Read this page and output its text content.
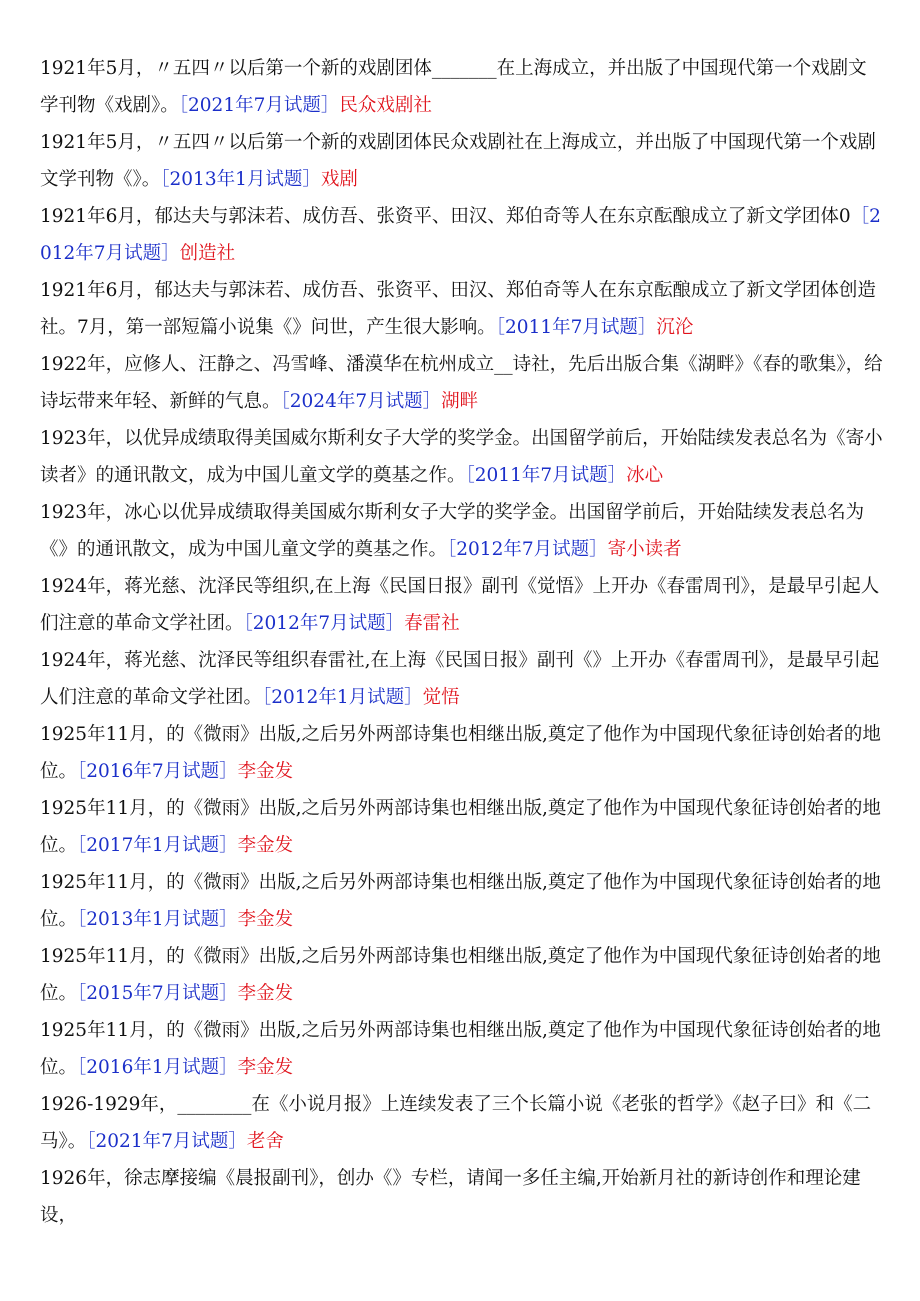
1921年5月，〃五四〃以后第一个新的戏剧团体_______在上海成立，并出版了中国现代第一个戏剧文学刊物《戏剧》。［2021年7月试题］民众戏剧社

1921年5月，〃五四〃以后第一个新的戏剧团体民众戏剧社在上海成立，并出版了中国现代第一个戏剧文学刊物《》。［2013年1月试题］戏剧

1921年6月，郁达夫与郭沫若、成仿吾、张资平、田汉、郑伯奇等人在东京酝酿成立了新文学团体0［2012年7月试题］创造社

1921年6月，郁达夫与郭沫若、成仿吾、张资平、田汉、郑伯奇等人在东京酝酿成立了新文学团体创造社。7月，第一部短篇小说集《》问世，产生很大影响。［2011年7月试题］沉沦

1922年，应修人、汪静之、冯雪峰、潘漠华在杭州成立__诗社，先后出版合集《湖畔》《春的歌集》，给诗坛带来年轻、新鲜的气息。［2024年7月试题］湖畔

1923年，以优异成绩取得美国威尔斯利女子大学的奖学金。出国留学前后，开始陆续发表总名为《寄小读者》的通讯散文，成为中国儿童文学的奠基之作。［2011年7月试题］冰心

1923年，冰心以优异成绩取得美国威尔斯利女子大学的奖学金。出国留学前后，开始陆续发表总名为《》的通讯散文，成为中国儿童文学的奠基之作。［2012年7月试题］寄小读者

1924年，蒋光慈、沈泽民等组织,在上海《民国日报》副刊《觉悟》上开办《春雷周刊》，是最早引起人们注意的革命文学社团。［2012年7月试题］春雷社

1924年，蒋光慈、沈泽民等组织春雷社,在上海《民国日报》副刊《》上开办《春雷周刊》，是最早引起人们注意的革命文学社团。［2012年1月试题］觉悟

1925年11月，的《微雨》出版,之后另外两部诗集也相继出版,奠定了他作为中国现代象征诗创始者的地位。［2016年7月试题］李金发

1925年11月，的《微雨》出版,之后另外两部诗集也相继出版,奠定了他作为中国现代象征诗创始者的地位。［2017年1月试题］李金发

1925年11月，的《微雨》出版,之后另外两部诗集也相继出版,奠定了他作为中国现代象征诗创始者的地位。［2013年1月试题］李金发

1925年11月，的《微雨》出版,之后另外两部诗集也相继出版,奠定了他作为中国现代象征诗创始者的地位。［2015年7月试题］李金发

1925年11月，的《微雨》出版,之后另外两部诗集也相继出版,奠定了他作为中国现代象征诗创始者的地位。［2016年1月试题］李金发

1926-1929年，________在《小说月报》上连续发表了三个长篇小说《老张的哲学》《赵子曰》和《二马》。［2021年7月试题］老舍

1926年，徐志摩接编《晨报副刊》，创办《》专栏，请闻一多任主编,开始新月社的新诗创作和理论建设，
